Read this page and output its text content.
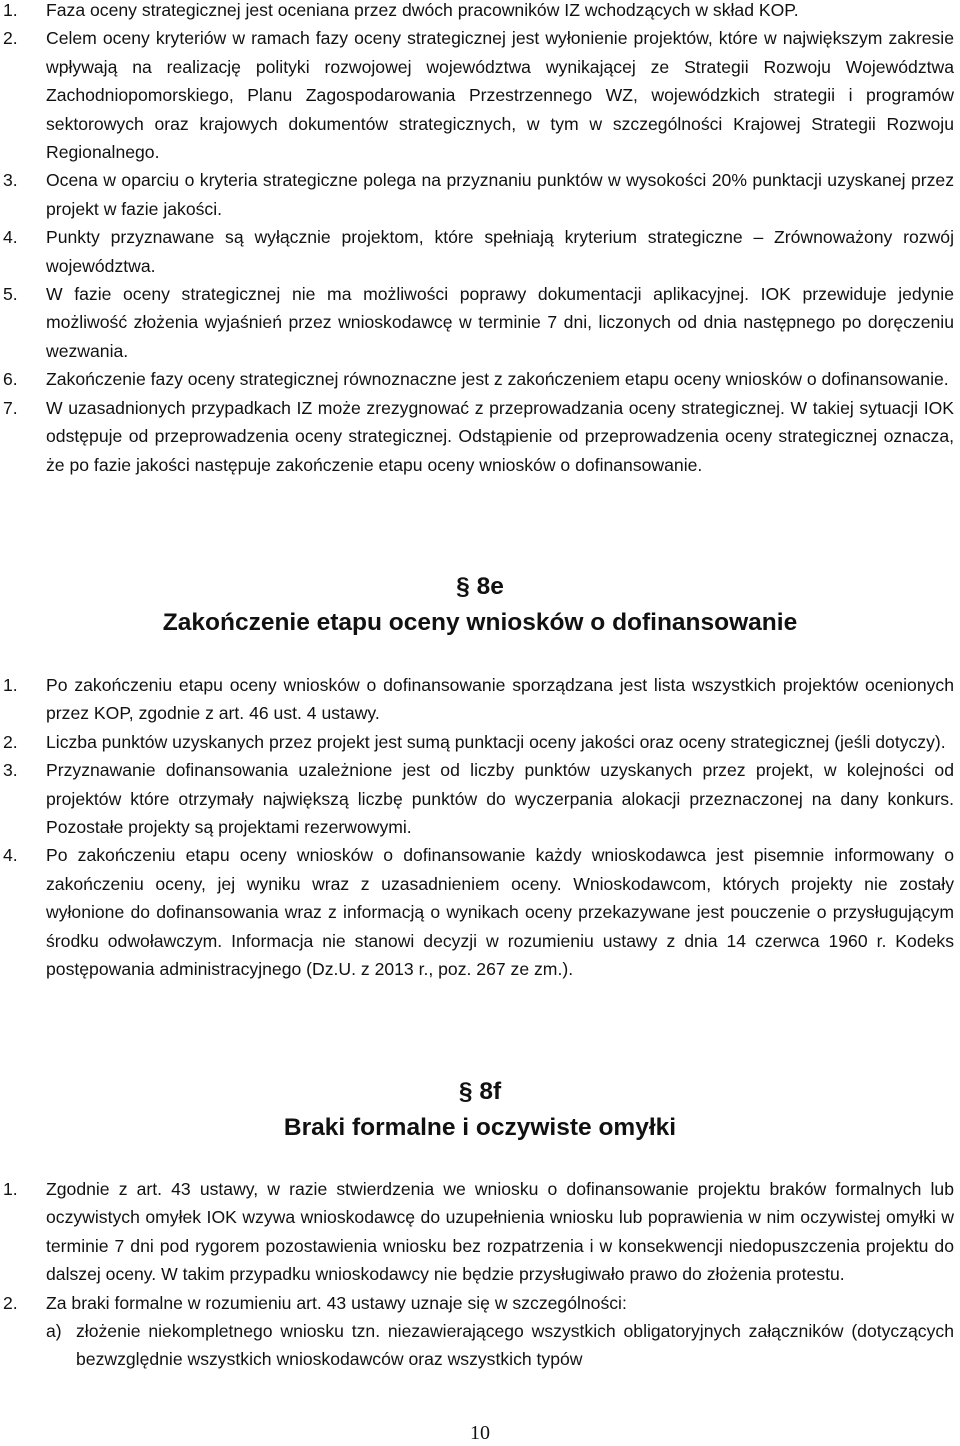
1. Faza oceny strategicznej jest oceniana przez dwóch pracowników IZ wchodzących w skład KOP.
2. Celem oceny kryteriów w ramach fazy oceny strategicznej jest wyłonienie projektów, które w największym zakresie wpływają na realizację polityki rozwojowej województwa wynikającej ze Strategii Rozwoju Województwa Zachodniopomorskiego, Planu Zagospodarowania Przestrzennego WZ, wojewódzkich strategii i programów sektorowych oraz krajowych dokumentów strategicznych, w tym w szczególności Krajowej Strategii Rozwoju Regionalnego.
3. Ocena w oparciu o kryteria strategiczne polega na przyznaniu punktów w wysokości 20% punktacji uzyskanej przez projekt w fazie jakości.
4. Punkty przyznawane są wyłącznie projektom, które spełniają kryterium strategiczne – Zrównoważony rozwój województwa.
5. W fazie oceny strategicznej nie ma możliwości poprawy dokumentacji aplikacyjnej. IOK przewiduje jedynie możliwość złożenia wyjaśnień przez wnioskodawcę w terminie 7 dni, liczonych od dnia następnego po doręczeniu wezwania.
6. Zakończenie fazy oceny strategicznej równoznaczne jest z zakończeniem etapu oceny wniosków o dofinansowanie.
7. W uzasadnionych przypadkach IZ może zrezygnować z przeprowadzania oceny strategicznej. W takiej sytuacji IOK odstępuje od przeprowadzenia oceny strategicznej. Odstąpienie od przeprowadzenia oceny strategicznej oznacza, że po fazie jakości następuje zakończenie etapu oceny wniosków o dofinansowanie.
§ 8e
Zakończenie etapu oceny wniosków o dofinansowanie
1. Po zakończeniu etapu oceny wniosków o dofinansowanie sporządzana jest lista wszystkich projektów ocenionych przez KOP, zgodnie z art. 46 ust. 4 ustawy.
2. Liczba punktów uzyskanych przez projekt jest sumą punktacji oceny jakości oraz oceny strategicznej (jeśli dotyczy).
3. Przyznawanie dofinansowania uzależnione jest od liczby punktów uzyskanych przez projekt, w kolejności od projektów które otrzymały największą liczbę punktów do wyczerpania alokacji przeznaczonej na dany konkurs. Pozostałe projekty są projektami rezerwowymi.
4. Po zakończeniu etapu oceny wniosków o dofinansowanie każdy wnioskodawca jest pisemnie informowany o zakończeniu oceny, jej wyniku wraz z uzasadnieniem oceny. Wnioskodawcom, których projekty nie zostały wyłonione do dofinansowania wraz z informacją o wynikach oceny przekazywane jest pouczenie o przysługującym środku odwoławczym. Informacja nie stanowi decyzji w rozumieniu ustawy z dnia 14 czerwca 1960 r. Kodeks postępowania administracyjnego (Dz.U. z 2013 r., poz. 267 ze zm.).
§ 8f
Braki formalne i oczywiste omyłki
1. Zgodnie z art. 43 ustawy, w razie stwierdzenia we wniosku o dofinansowanie projektu braków formalnych lub oczywistych omyłek IOK wzywa wnioskodawcę do uzupełnienia wniosku lub poprawienia w nim oczywistej omyłki w terminie 7 dni pod rygorem pozostawienia wniosku bez rozpatrzenia i w konsekwencji niedopuszczenia projektu do dalszej oceny. W takim przypadku wnioskodawcy nie będzie przysługiwało prawo do złożenia protestu.
2. Za braki formalne w rozumieniu art. 43 ustawy uznaje się w szczególności:
a) złożenie niekompletnego wniosku tzn. niezawierającego wszystkich obligatoryjnych załączników (dotyczących bezwzględnie wszystkich wnioskodawców oraz wszystkich typów
10
